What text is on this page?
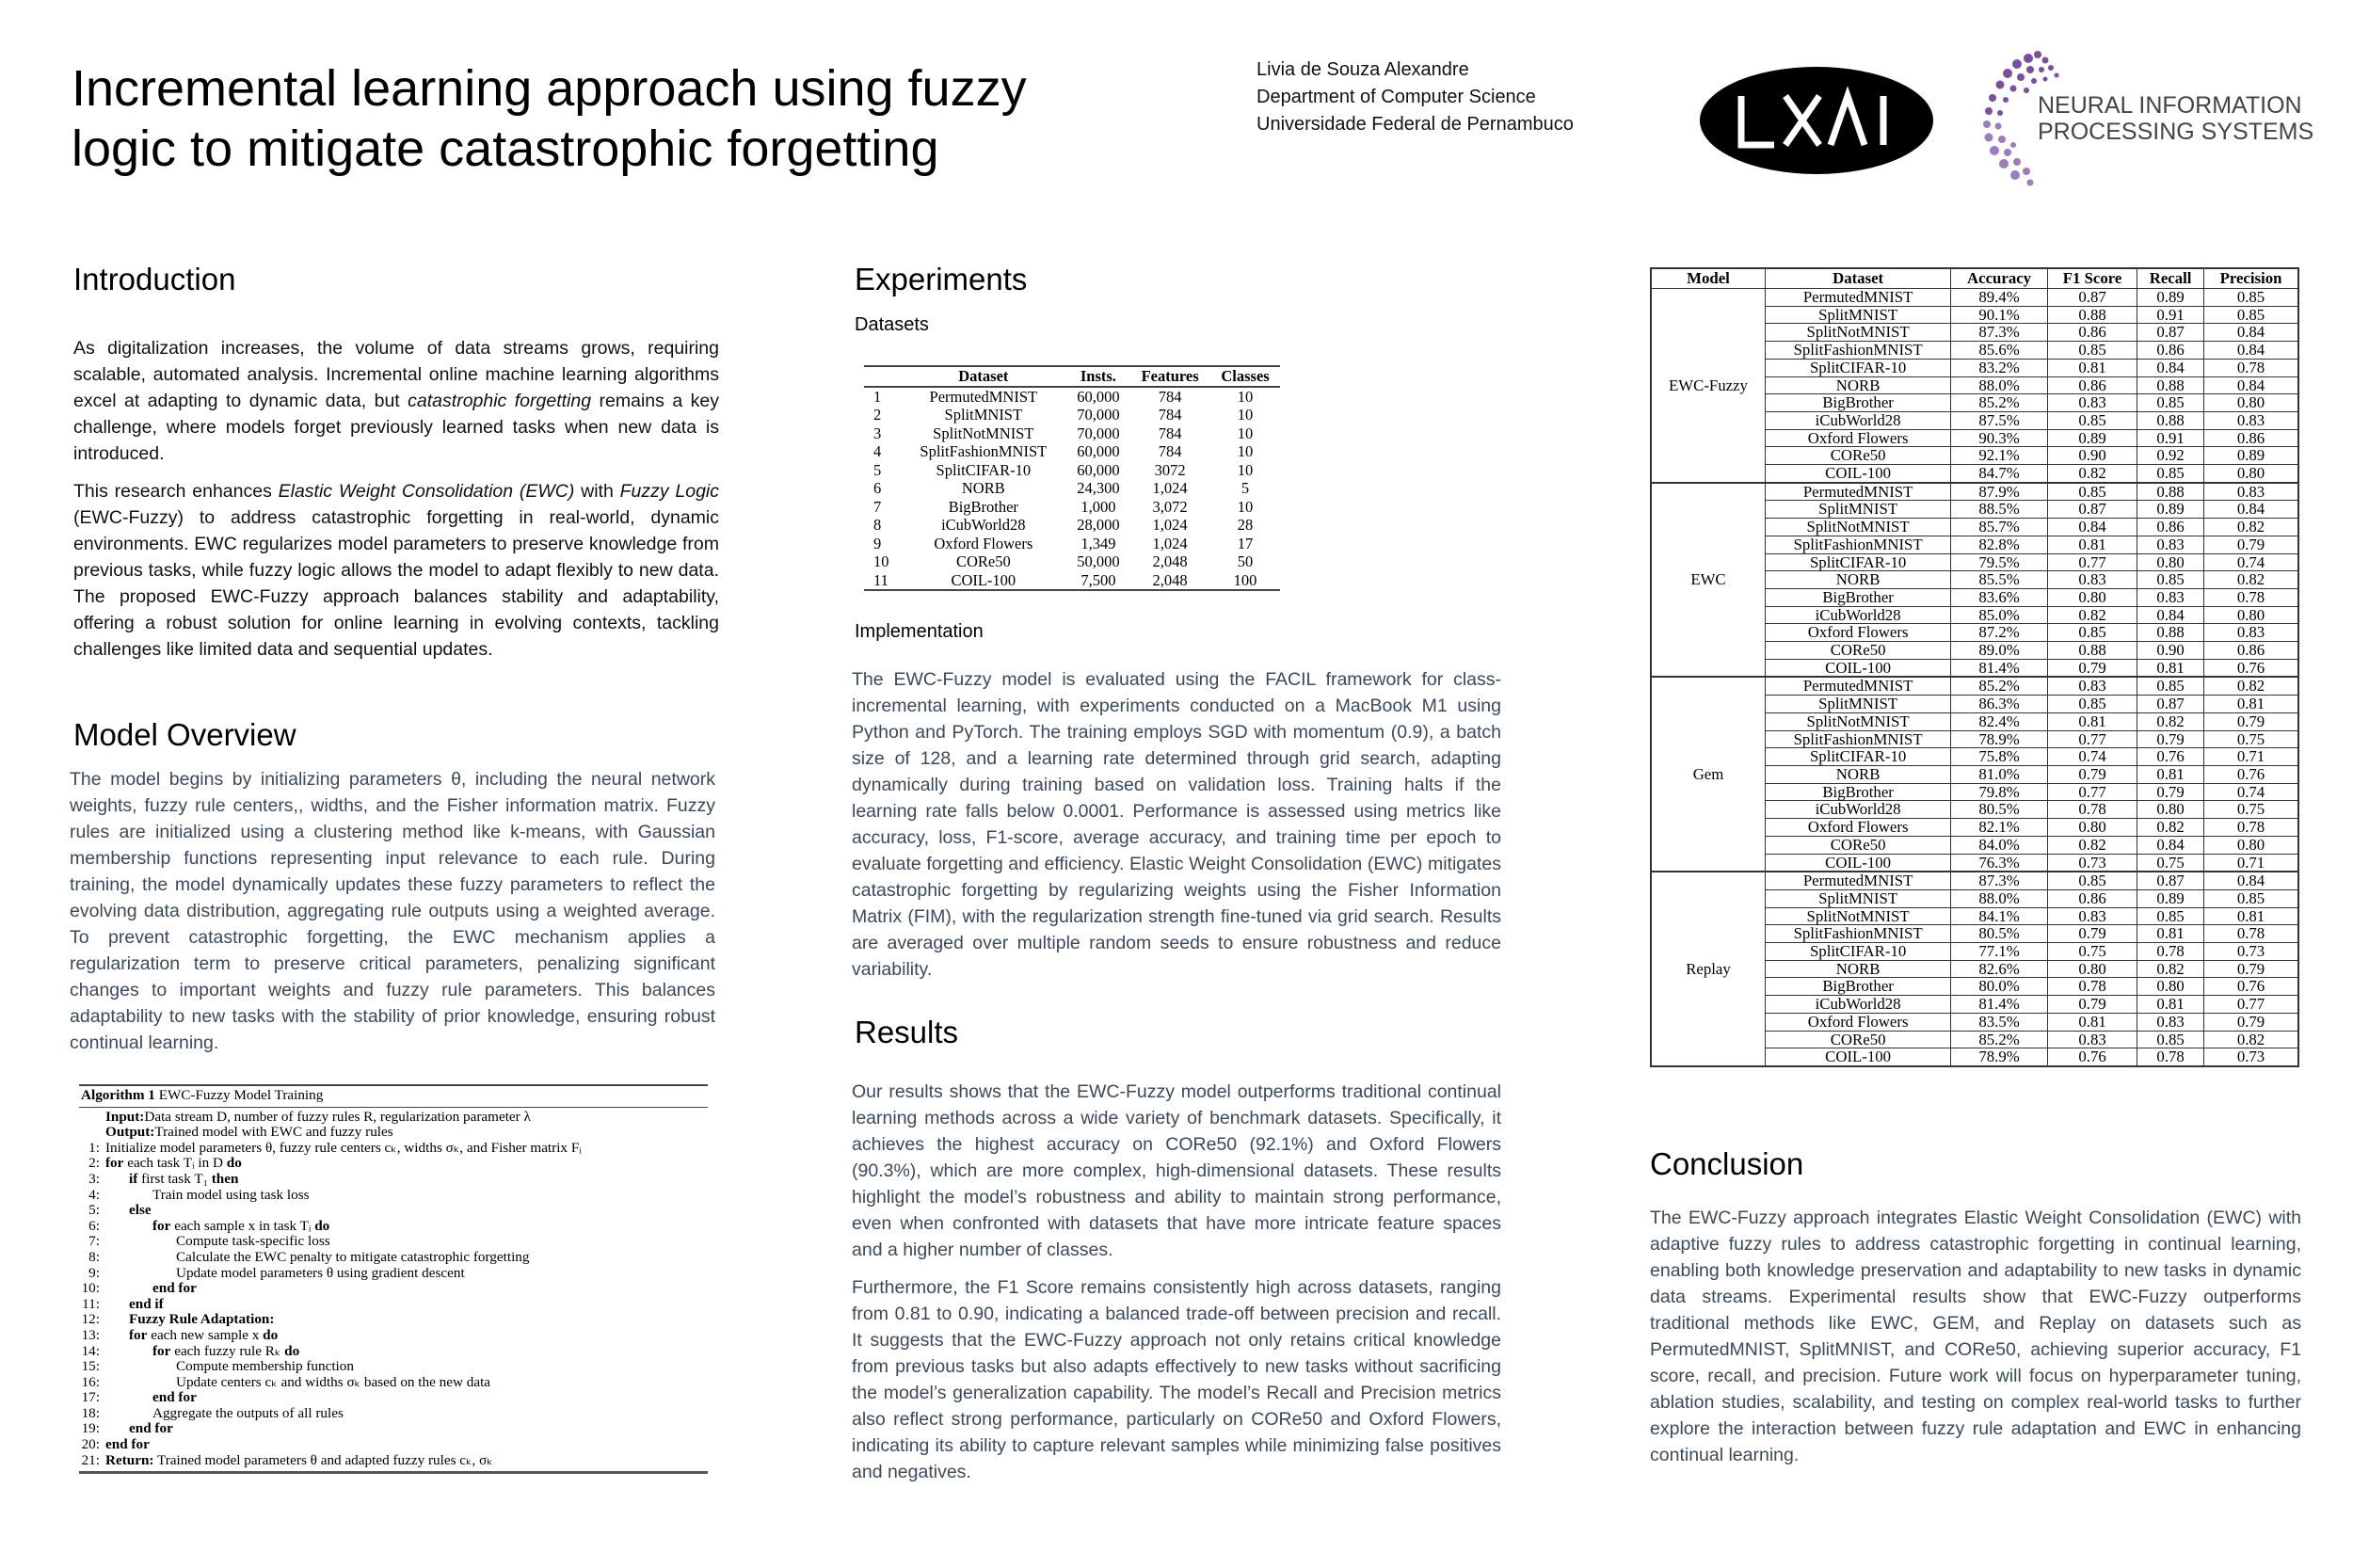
Incremental learning approach using fuzzy
logic to mitigate catastrophic forgetting
Livia de Souza Alexandre
Department of Computer Science
Universidade Federal de Pernambuco
LXAI
NEURAL INFORMATION
PROCESSING SYSTEMS
Introduction

As digitalization increases, the volume of data streams grows, requiring scalable, automated analysis. Incremental online machine learning algorithms excel at adapting to dynamic data, but catastrophic forgetting remains a key challenge, where models forget previously learned tasks when new data is introduced.

This research enhances Elastic Weight Consolidation (EWC) with Fuzzy Logic (EWC-Fuzzy) to address catastrophic forgetting in real-world, dynamic environments. EWC regularizes model parameters to preserve knowledge from previous tasks, while fuzzy logic allows the model to adapt flexibly to new data. The proposed EWC-Fuzzy approach balances stability and adaptability, offering a robust solution for online learning in evolving contexts, tackling challenges like limited data and sequential updates.

Model Overview

The model begins by initializing parameters θ, including the neural network weights, fuzzy rule centers,, widths, and the Fisher information matrix. Fuzzy rules are initialized using a clustering method like k-means, with Gaussian membership functions representing input relevance to each rule. During training, the model dynamically updates these fuzzy parameters to reflect the evolving data distribution, aggregating rule outputs using a weighted average. To prevent catastrophic forgetting, the EWC mechanism applies a regularization term to preserve critical parameters, penalizing significant changes to important weights and fuzzy rule parameters. This balances adaptability to new tasks with the stability of prior knowledge, ensuring robust continual learning.

Algorithm 1 EWC-Fuzzy Model Training
Input: Data stream D, number of fuzzy rules R, regularization parameter λ
Output: Trained model with EWC and fuzzy rules
1: Initialize model parameters θ, fuzzy rule centers cₖ, widths σₖ, and Fisher matrix Fᵢ
2: for each task Tᵢ in D do
3:	if first task T₁ then
4:	Train model using task loss
5:	else
6:	for each sample x in task Tᵢ do
7:	Compute task-specific loss
8:	Calculate the EWC penalty to mitigate catastrophic forgetting
9:	Update model parameters θ using gradient descent
10:	end for
11:	end if
12:	Fuzzy Rule Adaptation:
13:	for each new sample x do
14:	for each fuzzy rule Rₖ do
15:	Compute membership function
16:	Update centers cₖ and widths σₖ based on the new data
17:	end for
18:	Aggregate the outputs of all rules
19:	end for
20: end for
21: Return: Trained model parameters θ and adapted fuzzy rules cₖ, σₖ
Experiments
Datasets
	Dataset	Insts.	Features	Classes
1	PermutedMNIST	60,000	784	10
2	SplitMNIST	70,000	784	10
3	SplitNotMNIST	70,000	784	10
4	SplitFashionMNIST	60,000	784	10
5	SplitCIFAR-10	60,000	3072	10
6	NORB	24,300	1,024	5
7	BigBrother	1,000	3,072	10
8	iCubWorld28	28,000	1,024	28
9	Oxford Flowers	1,349	1,024	17
10	CORe50	50,000	2,048	50
11	COIL-100	7,500	2,048	100
Implementation

The EWC-Fuzzy model is evaluated using the FACIL framework for class-incremental learning, with experiments conducted on a MacBook M1 using Python and PyTorch. The training employs SGD with momentum (0.9), a batch size of 128, and a learning rate determined through grid search, adapting dynamically during training based on validation loss. Training halts if the learning rate falls below 0.0001. Performance is assessed using metrics like accuracy, loss, F1-score, average accuracy, and training time per epoch to evaluate forgetting and efficiency. Elastic Weight Consolidation (EWC) mitigates catastrophic forgetting by regularizing weights using the Fisher Information Matrix (FIM), with the regularization strength fine-tuned via grid search. Results are averaged over multiple random seeds to ensure robustness and reduce variability.

Results

Our results shows that the EWC-Fuzzy model outperforms traditional continual learning methods across a wide variety of benchmark datasets. Specifically, it achieves the highest accuracy on CORe50 (92.1%) and Oxford Flowers (90.3%), which are more complex, high-dimensional datasets. These results highlight the model’s robustness and ability to maintain strong performance, even when confronted with datasets that have more intricate feature spaces and a higher number of classes.

Furthermore, the F1 Score remains consistently high across datasets, ranging from 0.81 to 0.90, indicating a balanced trade-off between precision and recall. It suggests that the EWC-Fuzzy approach not only retains critical knowledge from previous tasks but also adapts effectively to new tasks without sacrificing the model’s generalization capability. The model’s Recall and Precision metrics also reflect strong performance, particularly on CORe50 and Oxford Flowers, indicating its ability to capture relevant samples while minimizing false positives and negatives.

Model	Dataset	Accuracy	F1 Score	Recall	Precision
EWC-Fuzzy	PermutedMNIST	89.4%	0.87	0.89	0.85
	SplitMNIST	90.1%	0.88	0.91	0.85
	SplitNotMNIST	87.3%	0.86	0.87	0.84
	SplitFashionMNIST	85.6%	0.85	0.86	0.84
	SplitCIFAR-10	83.2%	0.81	0.84	0.78
	NORB	88.0%	0.86	0.88	0.84
	BigBrother	85.2%	0.83	0.85	0.80
	iCubWorld28	87.5%	0.85	0.88	0.83
	Oxford Flowers	90.3%	0.89	0.91	0.86
	CORe50	92.1%	0.90	0.92	0.89
	COIL-100	84.7%	0.82	0.85	0.80
EWC	PermutedMNIST	87.9%	0.85	0.88	0.83
	SplitMNIST	88.5%	0.87	0.89	0.84
	SplitNotMNIST	85.7%	0.84	0.86	0.82
	SplitFashionMNIST	82.8%	0.81	0.83	0.79
	SplitCIFAR-10	79.5%	0.77	0.80	0.74
	NORB	85.5%	0.83	0.85	0.82
	BigBrother	83.6%	0.80	0.83	0.78
	iCubWorld28	85.0%	0.82	0.84	0.80
	Oxford Flowers	87.2%	0.85	0.88	0.83
	CORe50	89.0%	0.88	0.90	0.86
	COIL-100	81.4%	0.79	0.81	0.76
Gem	PermutedMNIST	85.2%	0.83	0.85	0.82
	SplitMNIST	86.3%	0.85	0.87	0.81
	SplitNotMNIST	82.4%	0.81	0.82	0.79
	SplitFashionMNIST	78.9%	0.77	0.79	0.75
	SplitCIFAR-10	75.8%	0.74	0.76	0.71
	NORB	81.0%	0.79	0.81	0.76
	BigBrother	79.8%	0.77	0.79	0.74
	iCubWorld28	80.5%	0.78	0.80	0.75
	Oxford Flowers	82.1%	0.80	0.82	0.78
	CORe50	84.0%	0.82	0.84	0.80
	COIL-100	76.3%	0.73	0.75	0.71
Replay	PermutedMNIST	87.3%	0.85	0.87	0.84
	SplitMNIST	88.0%	0.86	0.89	0.85
	SplitNotMNIST	84.1%	0.83	0.85	0.81
	SplitFashionMNIST	80.5%	0.79	0.81	0.78
	SplitCIFAR-10	77.1%	0.75	0.78	0.73
	NORB	82.6%	0.80	0.82	0.79
	BigBrother	80.0%	0.78	0.80	0.76
	iCubWorld28	81.4%	0.79	0.81	0.77
	Oxford Flowers	83.5%	0.81	0.83	0.79
	CORe50	85.2%	0.83	0.85	0.82
	COIL-100	78.9%	0.76	0.78	0.73
Conclusion

The EWC-Fuzzy approach integrates Elastic Weight Consolidation (EWC) with adaptive fuzzy rules to address catastrophic forgetting in continual learning, enabling both knowledge preservation and adaptability to new tasks in dynamic data streams. Experimental results show that EWC-Fuzzy outperforms traditional methods like EWC, GEM, and Replay on datasets such as PermutedMNIST, SplitMNIST, and CORe50, achieving superior accuracy, F1 score, recall, and precision. Future work will focus on hyperparameter tuning, ablation studies, scalability, and testing on complex real-world tasks to further explore the interaction between fuzzy rule adaptation and EWC in enhancing continual learning.
